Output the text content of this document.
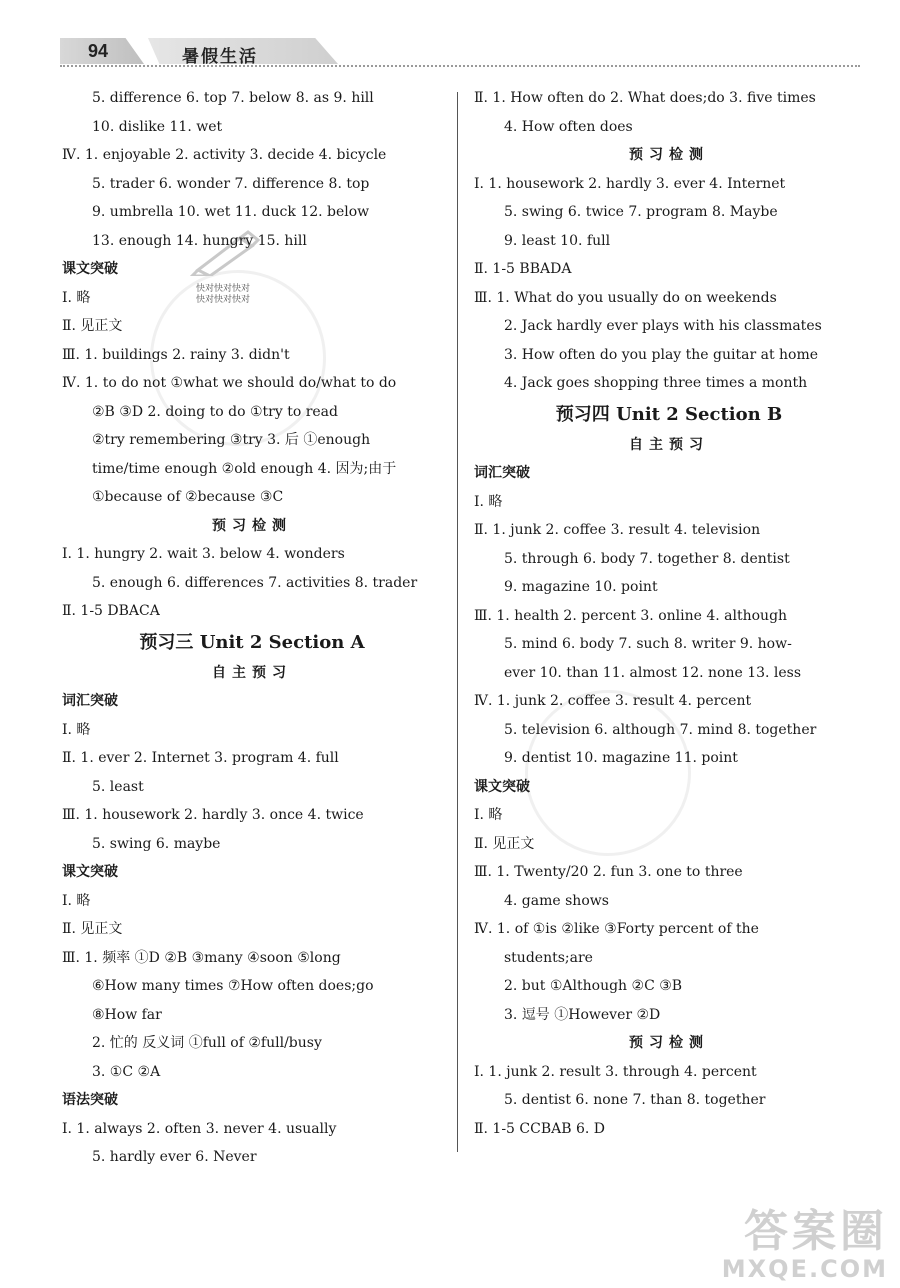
94	暑假生活
快对快对快对
快对快对快对
5. difference 6. top 7. below 8. as 9. hill
10. dislike 11. wet
Ⅳ. 1. enjoyable 2. activity 3. decide 4. bicycle
5. trader 6. wonder 7. difference 8. top
9. umbrella 10. wet 11. duck 12. below
13. enough 14. hungry 15. hill
课文突破
Ⅰ. 略
Ⅱ. 见正文
Ⅲ. 1. buildings 2. rainy 3. didn't
Ⅳ. 1. to do not ①what we should do/what to do
②B ③D 2. doing to do ①try to read
②try remembering ③try 3. 后 ①enough
time/time enough ②old enough 4. 因为;由于
①because of ②because ③C
预习检测
Ⅰ. 1. hungry 2. wait 3. below 4. wonders
5. enough 6. differences 7. activities 8. trader
Ⅱ. 1-5 DBACA
预习三 Unit 2 Section A
自主预习
词汇突破
Ⅰ. 略
Ⅱ. 1. ever 2. Internet 3. program 4. full
5. least
Ⅲ. 1. housework 2. hardly 3. once 4. twice
5. swing 6. maybe
课文突破
Ⅰ. 略
Ⅱ. 见正文
Ⅲ. 1. 频率 ①D ②B ③many ④soon ⑤long
⑥How many times ⑦How often does;go
⑧How far
2. 忙的 反义词 ①full of ②full/busy
3. ①C ②A
语法突破
Ⅰ. 1. always 2. often 3. never 4. usually
5. hardly ever 6. Never
Ⅱ. 1. How often do 2. What does;do 3. five times
4. How often does
预习检测
Ⅰ. 1. housework 2. hardly 3. ever 4. Internet
5. swing 6. twice 7. program 8. Maybe
9. least 10. full
Ⅱ. 1-5 BBADA
Ⅲ. 1. What do you usually do on weekends
2. Jack hardly ever plays with his classmates
3. How often do you play the guitar at home
4. Jack goes shopping three times a month
预习四 Unit 2 Section B
自主预习
词汇突破
Ⅰ. 略
Ⅱ. 1. junk 2. coffee 3. result 4. television
5. through 6. body 7. together 8. dentist
9. magazine 10. point
Ⅲ. 1. health 2. percent 3. online 4. although
5. mind 6. body 7. such 8. writer 9. how-
ever 10. than 11. almost 12. none 13. less
Ⅳ. 1. junk 2. coffee 3. result 4. percent
5. television 6. although 7. mind 8. together
9. dentist 10. magazine 11. point
课文突破
Ⅰ. 略
Ⅱ. 见正文
Ⅲ. 1. Twenty/20 2. fun 3. one to three
4. game shows
Ⅳ. 1. of ①is ②like ③Forty percent of the
students;are
2. but ①Although ②C ③B
3. 逗号 ①However ②D
预习检测
Ⅰ. 1. junk 2. result 3. through 4. percent
5. dentist 6. none 7. than 8. together
Ⅱ. 1-5 CCBAB 6. D
答案圈
MXQE.COM
